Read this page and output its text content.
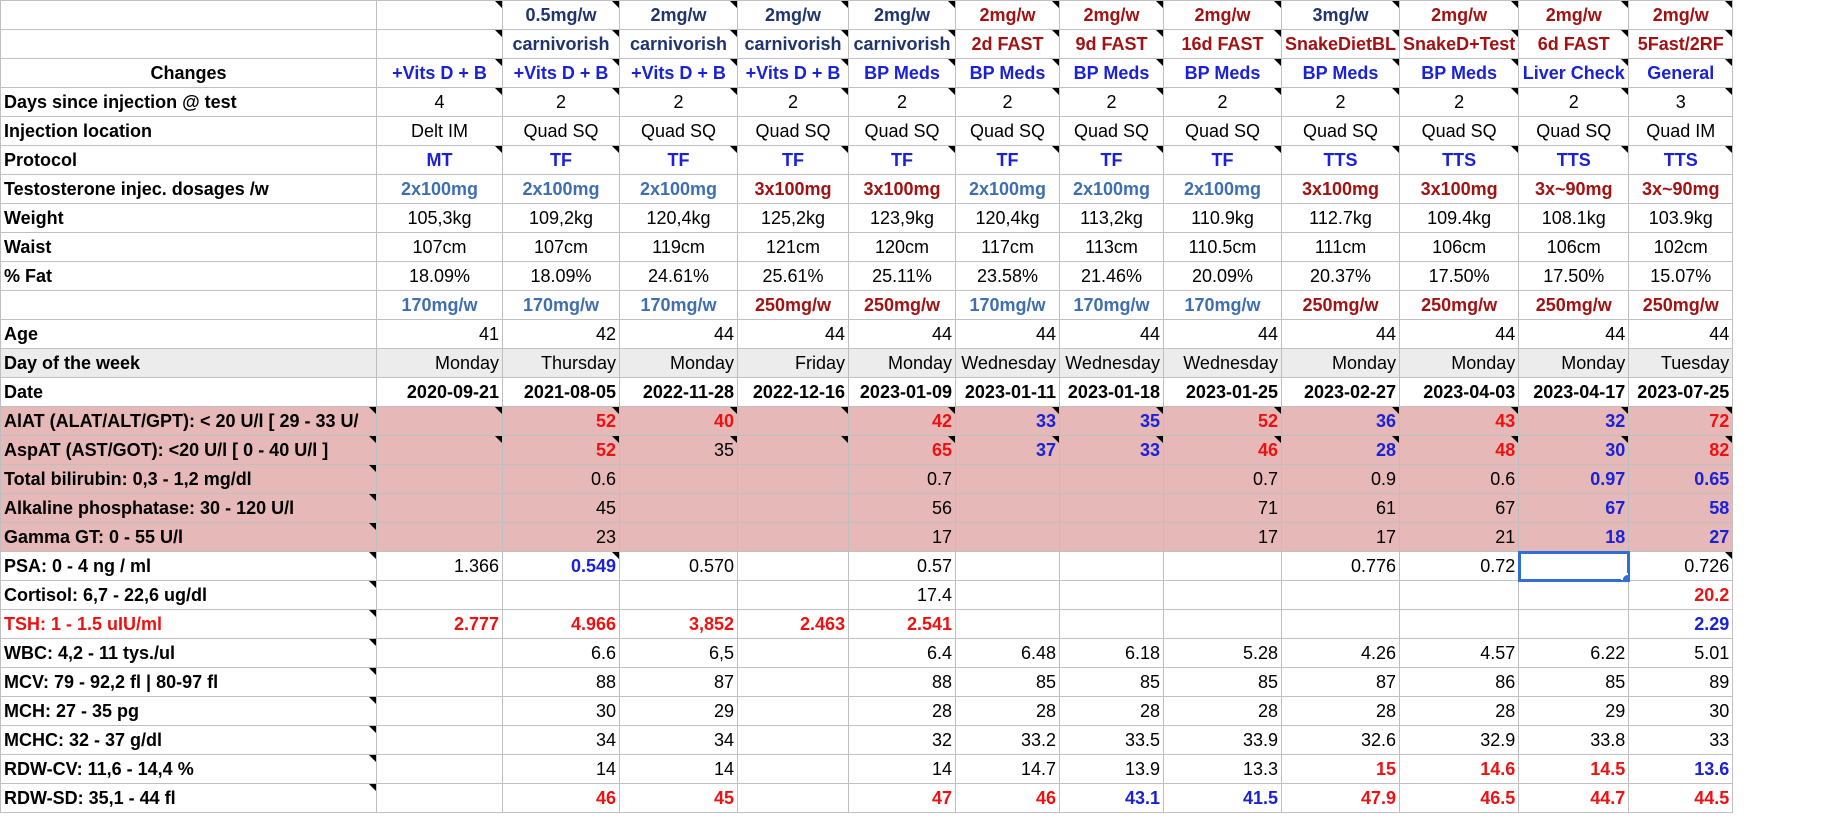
		0.5mg/w	2mg/w	2mg/w	2mg/w	2mg/w	2mg/w	2mg/w	3mg/w	2mg/w	2mg/w	2mg/w
		carnivorish	carnivorish	carnivorish	carnivorish	2d FAST	9d FAST	16d FAST	SnakeDietBL	SnakeD+Test	6d FAST	5Fast/2RF
Changes	+Vits D + B	+Vits D + B	+Vits D + B	+Vits D + B	BP Meds	BP Meds	BP Meds	BP Meds	BP Meds	BP Meds	Liver Check	General
Days since injection @ test	4	2	2	2	2	2	2	2	2	2	2	3
Injection location	Delt IM	Quad SQ	Quad SQ	Quad SQ	Quad SQ	Quad SQ	Quad SQ	Quad SQ	Quad SQ	Quad SQ	Quad SQ	Quad IM
Protocol	MT	TF	TF	TF	TF	TF	TF	TF	TTS	TTS	TTS	TTS
Testosterone injec. dosages /w	2x100mg	2x100mg	2x100mg	3x100mg	3x100mg	2x100mg	2x100mg	2x100mg	3x100mg	3x100mg	3x~90mg	3x~90mg
Weight	105,3kg	109,2kg	120,4kg	125,2kg	123,9kg	120,4kg	113,2kg	110.9kg	112.7kg	109.4kg	108.1kg	103.9kg
Waist	107cm	107cm	119cm	121cm	120cm	117cm	113cm	110.5cm	111cm	106cm	106cm	102cm
% Fat	18.09%	18.09%	24.61%	25.61%	25.11%	23.58%	21.46%	20.09%	20.37%	17.50%	17.50%	15.07%
	170mg/w	170mg/w	170mg/w	250mg/w	250mg/w	170mg/w	170mg/w	170mg/w	250mg/w	250mg/w	250mg/w	250mg/w
Age	41	42	44	44	44	44	44	44	44	44	44	44
Day of the week	Monday	Thursday	Monday	Friday	Monday	Wednesday	Wednesday	Wednesday	Monday	Monday	Monday	Tuesday
Date	2020-09-21	2021-08-05	2022-11-28	2022-12-16	2023-01-09	2023-01-11	2023-01-18	2023-01-25	2023-02-27	2023-04-03	2023-04-17	2023-07-25
AlAT (ALAT/ALT/GPT): < 20 U/l [ 29 - 33 U/		52	40		42	33	35	52	36	43	32	72
AspAT (AST/GOT): <20 U/l [ 0 - 40 U/l ]		52	35		65	37	33	46	28	48	30	82
Total bilirubin: 0,3 - 1,2 mg/dl		0.6			0.7			0.7	0.9	0.6	0.97	0.65
Alkaline phosphatase: 30 - 120 U/l		45			56			71	61	67	67	58
Gamma GT: 0 - 55 U/l		23			17			17	17	21	18	27
PSA: 0 - 4 ng / ml	1.366	0.549	0.570		0.57				0.776	0.72		0.726
Cortisol: 6,7 - 22,6 ug/dl					17.4							20.2
TSH: 1 - 1.5 uIU/ml	2.777	4.966	3,852	2.463	2.541							2.29
WBC: 4,2 - 11 tys./ul		6.6	6,5		6.4	6.48	6.18	5.28	4.26	4.57	6.22	5.01
MCV: 79 - 92,2 fl | 80-97 fl		88	87		88	85	85	85	87	86	85	89
MCH: 27 - 35 pg		30	29		28	28	28	28	28	28	29	30
MCHC: 32 - 37 g/dl		34	34		32	33.2	33.5	33.9	32.6	32.9	33.8	33
RDW-CV: 11,6 - 14,4 %		14	14		14	14.7	13.9	13.3	15	14.6	14.5	13.6
RDW-SD: 35,1 - 44 fl		46	45		47	46	43.1	41.5	47.9	46.5	44.7	44.5
